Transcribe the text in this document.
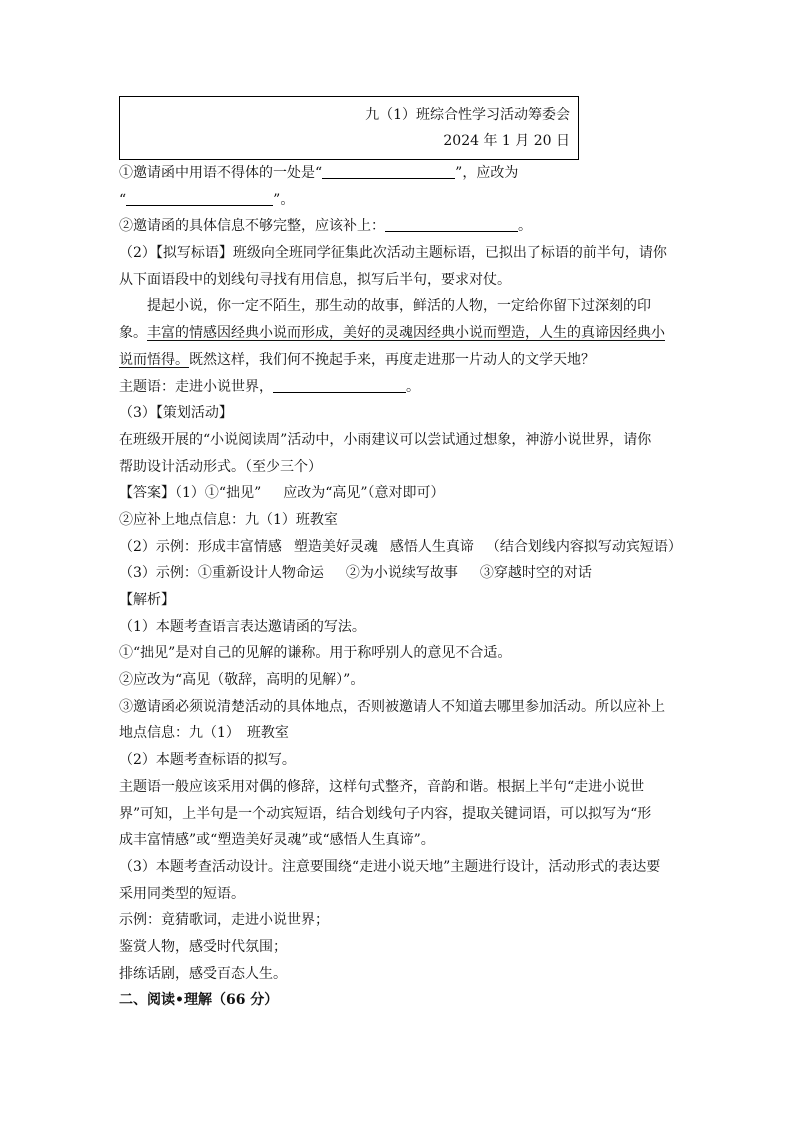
九（1）班综合性学习活动筹委会
2024 年 1 月 20 日
①邀请函中用语不得体的一处是“	”，应改为
“	”。
②邀请函的具体信息不够完整，应该补上：	。
（2）【拟写标语】班级向全班同学征集此次活动主题标语，已拟出了标语的前半句，请你
从下面语段中的划线句寻找有用信息，拟写后半句，要求对仗。
提起小说，你一定不陌生，那生动的故事，鲜活的人物，一定给你留下过深刻的印
象。丰富的情感因经典小说而形成，美好的灵魂因经典小说而塑造，人生的真谛因经典小
说而悟得。既然这样，我们何不挽起手来，再度走进那一片动人的文学天地？
主题语：走进小说世界，	。
（3）【策划活动】
在班级开展的“小说阅读周”活动中，小雨建议可以尝试通过想象，神游小说世界，请你
帮助设计活动形式。（至少三个）
【答案】（1）①“拙见” 应改为“高见”（意对即可）
②应补上地点信息：九（1）班教室
（2）示例：形成丰富情感 塑造美好灵魂 感悟人生真谛 （结合划线内容拟写动宾短语）
（3）示例：①重新设计人物命运 ②为小说续写故事 ③穿越时空的对话
【解析】
（1）本题考查语言表达邀请函的写法。
①“拙见”是对自己的见解的谦称。用于称呼别人的意见不合适。
②应改为“高见（敬辞，高明的见解）”。
③邀请函必须说清楚活动的具体地点，否则被邀请人不知道去哪里参加活动。所以应补上
地点信息：九（1）　班教室
（2）本题考查标语的拟写。
主题语一般应该采用对偶的修辞，这样句式整齐，音韵和谐。根据上半句“走进小说世
界”可知，上半句是一个动宾短语，结合划线句子内容，提取关键词语，可以拟写为“形
成丰富情感”或“塑造美好灵魂”或“感悟人生真谛”。
（3）本题考查活动设计。注意要围绕“走进小说天地”主题进行设计，活动形式的表达要
采用同类型的短语。
示例：竟猜歌词，走进小说世界；
鉴赏人物，感受时代氛围；
排练话剧，感受百态人生。
二、阅读•理解（66 分）
